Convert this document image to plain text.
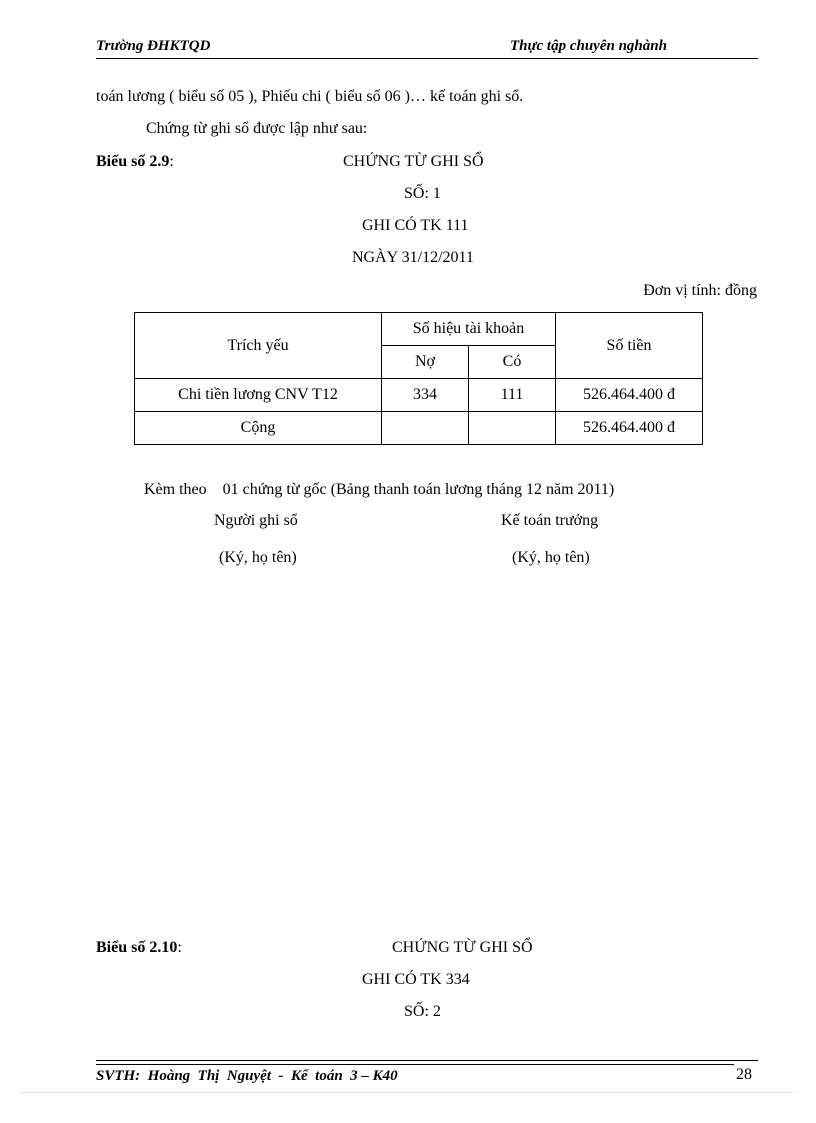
Trường ĐHKTQD	Thực tập chuyên nghành
toán lương ( biểu số 05 ), Phiếu chi ( biểu số 06 )… kế toán ghi sổ.
Chứng từ ghi sổ được lập như sau:
Biểu số 2.9:	CHỨNG TỪ GHI SỔ
SỐ: 1
GHI CÓ TK 111
NGÀY 31/12/2011
Đơn vị tính: đồng
Trích yếu	Số hiệu tài khoản		Số tiền
	Nợ	Có	
Chi tiền lương CNV T12	334	111	526.464.400 đ
Cộng			526.464.400 đ
Kèm theo    01 chứng từ gốc (Bảng thanh toán lương tháng 12 năm 2011)
Người ghi sổ	Kế toán trưởng
(Ký, họ tên)	(Ký, họ tên)
Biểu số 2.10:	CHỨNG TỪ GHI SỔ
GHI CÓ TK 334
SỐ: 2
SVTH:  Hoàng  Thị  Nguyệt  -  Kế  toán  3 – K40	28
